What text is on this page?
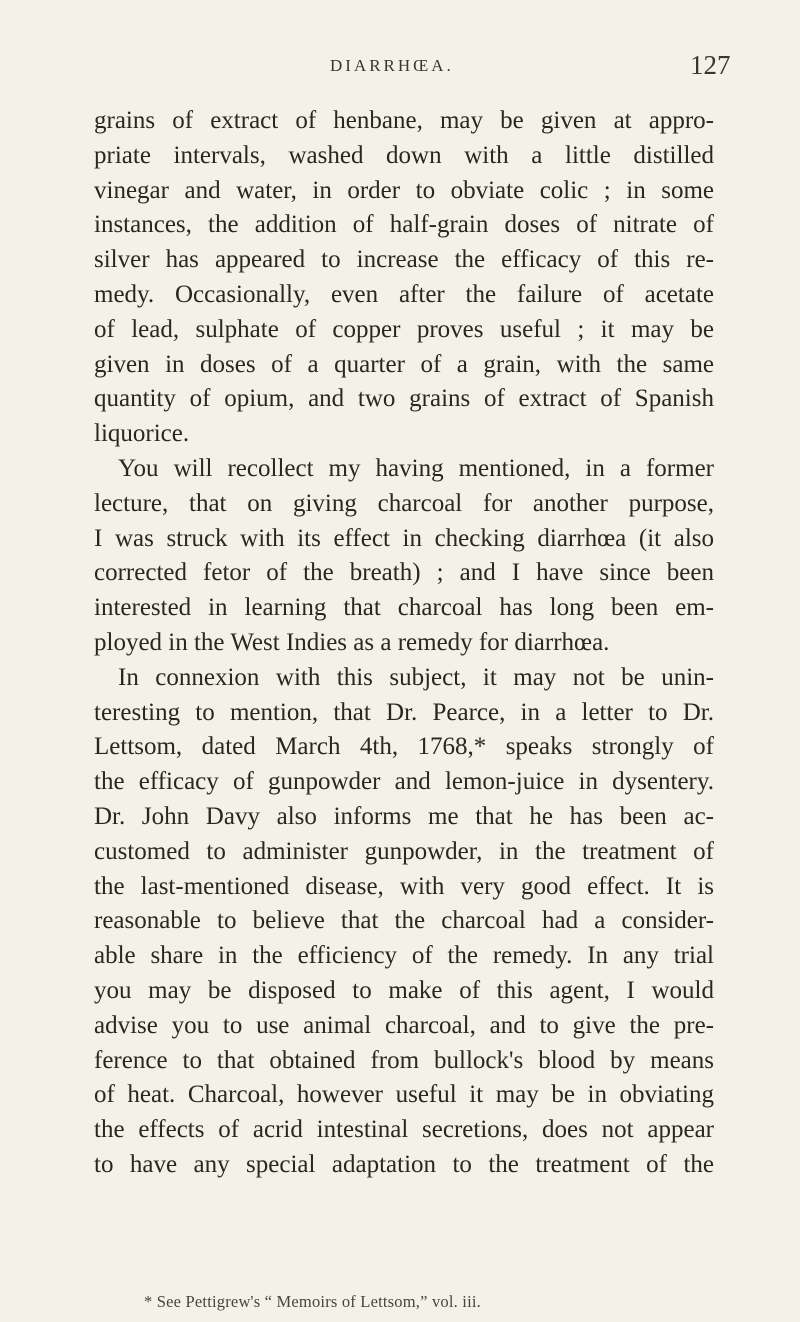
DIARRHŒA.	127
grains of extract of henbane, may be given at appro-
priate intervals, washed down with a little distilled
vinegar and water, in order to obviate colic ; in some
instances, the addition of half-grain doses of nitrate of
silver has appeared to increase the efficacy of this re-
medy. Occasionally, even after the failure of acetate
of lead, sulphate of copper proves useful ; it may be
given in doses of a quarter of a grain, with the same
quantity of opium, and two grains of extract of Spanish
liquorice.
You will recollect my having mentioned, in a former
lecture, that on giving charcoal for another purpose,
I was struck with its effect in checking diarrhœa (it also
corrected fetor of the breath) ; and I have since been
interested in learning that charcoal has long been em-
ployed in the West Indies as a remedy for diarrhœa.
In connexion with this subject, it may not be unin-
teresting to mention, that Dr. Pearce, in a letter to Dr.
Lettsom, dated March 4th, 1768,* speaks strongly of
the efficacy of gunpowder and lemon-juice in dysentery.
Dr. John Davy also informs me that he has been ac-
customed to administer gunpowder, in the treatment of
the last-mentioned disease, with very good effect. It is
reasonable to believe that the charcoal had a consider-
able share in the efficiency of the remedy. In any trial
you may be disposed to make of this agent, I would
advise you to use animal charcoal, and to give the pre-
ference to that obtained from bullock's blood by means
of heat. Charcoal, however useful it may be in obviating
the effects of acrid intestinal secretions, does not appear
to have any special adaptation to the treatment of the
* See Pettigrew's “ Memoirs of Lettsom,” vol. iii.
